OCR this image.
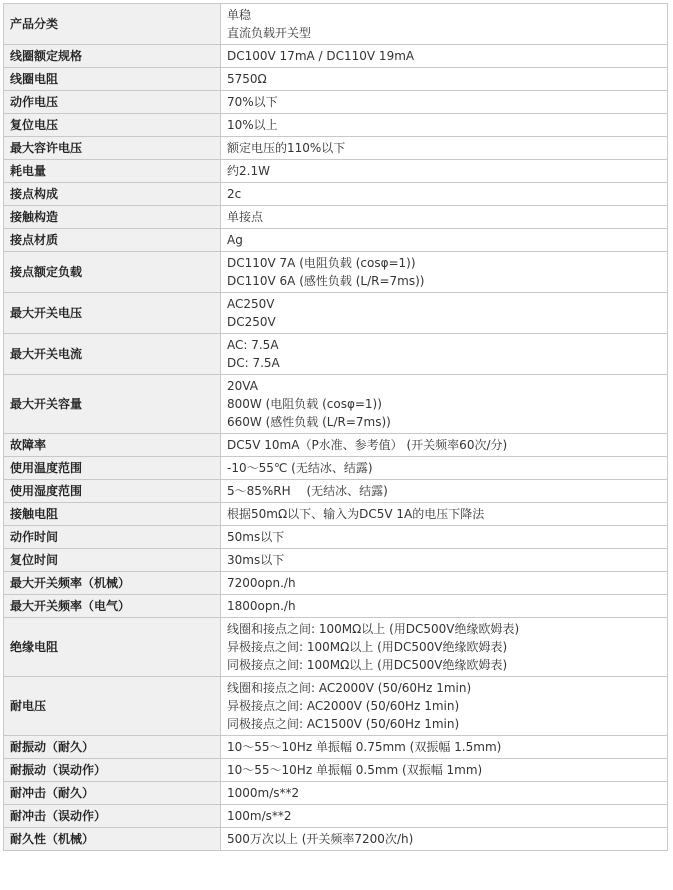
产品分类	单稳
直流负载开关型

线圈额定规格	DC100V 17mA / DC110V 19mA

线圈电阻	5750Ω

动作电压	70%以下

复位电压	10%以上

最大容许电压	额定电压的110%以下

耗电量	约2.1W

接点构成	2c

接触构造	单接点

接点材质	Ag

接点额定负载	DC110V 7A (电阻负载 (cosφ=1))
DC110V 6A (感性负载 (L/R=7ms))

最大开关电压	AC250V
DC250V

最大开关电流	AC: 7.5A
DC: 7.5A

最大开关容量	20VA
800W (电阻负载 (cosφ=1))
660W (感性负载 (L/R=7ms))

故障率	DC5V 10mA（P水准、参考值） (开关频率60次/分)

使用温度范围	-10～55℃ (无结冰、结露)

使用湿度范围	5～85%RH　 (无结冰、结露)

接触电阻	根据50mΩ以下、输入为DC5V 1A的电压下降法

动作时间	50ms以下

复位时间	30ms以下

最大开关频率（机械）	7200opn./h

最大开关频率（电气）	1800opn./h

绝缘电阻	线圈和接点之间: 100MΩ以上 (用DC500V绝缘欧姆表)
异极接点之间: 100MΩ以上 (用DC500V绝缘欧姆表)
同极接点之间: 100MΩ以上 (用DC500V绝缘欧姆表)

耐电压	线圈和接点之间: AC2000V (50/60Hz 1min)
异极接点之间: AC2000V (50/60Hz 1min)
同极接点之间: AC1500V (50/60Hz 1min)

耐振动（耐久）	10～55～10Hz 单振幅 0.75mm (双振幅 1.5mm)

耐振动（误动作）	10～55～10Hz 单振幅 0.5mm (双振幅 1mm)

耐冲击（耐久）	1000m/s**2

耐冲击（误动作）	100m/s**2

耐久性（机械）	500万次以上 (开关频率7200次/h)
